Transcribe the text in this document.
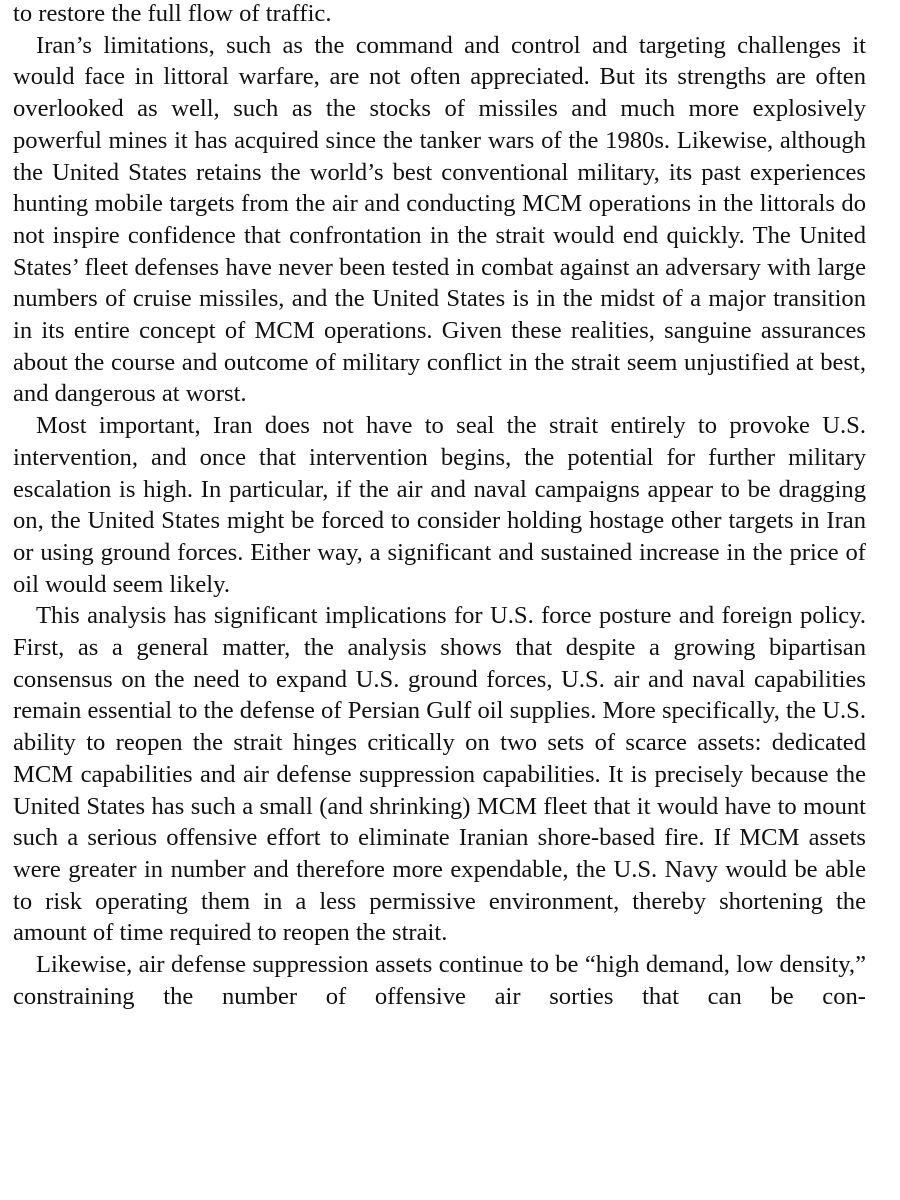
to restore the full flow of traffic.

Iran’s limitations, such as the command and control and targeting challenges it would face in littoral warfare, are not often appreciated. But its strengths are often overlooked as well, such as the stocks of missiles and much more explosively powerful mines it has acquired since the tanker wars of the 1980s. Likewise, although the United States retains the world’s best conventional military, its past experiences hunting mobile targets from the air and conducting MCM operations in the littorals do not inspire confidence that confrontation in the strait would end quickly. The United States’ fleet defenses have never been tested in combat against an adversary with large numbers of cruise missiles, and the United States is in the midst of a major transition in its entire concept of MCM operations. Given these realities, sanguine assurances about the course and outcome of military conflict in the strait seem unjustified at best, and dangerous at worst.

Most important, Iran does not have to seal the strait entirely to provoke U.S. intervention, and once that intervention begins, the potential for further military escalation is high. In particular, if the air and naval campaigns appear to be dragging on, the United States might be forced to consider holding hostage other targets in Iran or using ground forces. Either way, a significant and sustained increase in the price of oil would seem likely.

This analysis has significant implications for U.S. force posture and foreign policy. First, as a general matter, the analysis shows that despite a growing bipartisan consensus on the need to expand U.S. ground forces, U.S. air and naval capabilities remain essential to the defense of Persian Gulf oil supplies. More specifically, the U.S. ability to reopen the strait hinges critically on two sets of scarce assets: dedicated MCM capabilities and air defense suppression capabilities. It is precisely because the United States has such a small (and shrinking) MCM fleet that it would have to mount such a serious offensive effort to eliminate Iranian shore-based fire. If MCM assets were greater in number and therefore more expendable, the U.S. Navy would be able to risk operating them in a less permissive environment, thereby shortening the amount of time required to reopen the strait.

Likewise, air defense suppression assets continue to be “high demand, low density,” constraining the number of offensive air sorties that can be con-
